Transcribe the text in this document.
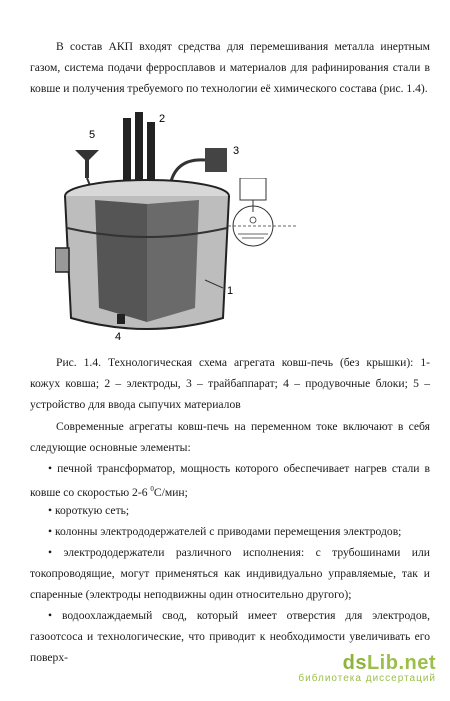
В состав АКП входят средства для перемешивания металла инертным газом, система подачи ферросплавов и материалов для рафинирования стали в ковше и получения требуемого по технологии её химического состава (рис. 1.4).

5
2
3
1
4

Рис. 1.4. Технологическая схема агрегата ковш-печь (без крышки): 1- кожух ковша; 2 – электроды, 3 – трайбаппарат; 4 – продувочные блоки; 5 – устройство для ввода сыпучих материалов

Современные агрегаты ковш-печь на переменном токе включают в себя следующие основные элементы:

• печной трансформатор, мощность которого обеспечивает нагрев стали в ковше со скоростью 2-6 $^0$С/мин;

• короткую сеть;

• колонны электрододержателей с приводами перемещения электродов;

• электрододержатели различного исполнения: с трубошинами или токопроводящие, могут применяться как индивидуально управляемые, так и спаренные (электроды неподвижны один относительно другого);

• водоохлаждаемый свод, который имеет отверстия для электродов, газоотсоса и технологические, что приводит к необходимости увеличивать его поверх-	dsLib.net
библиотека диссертаций
